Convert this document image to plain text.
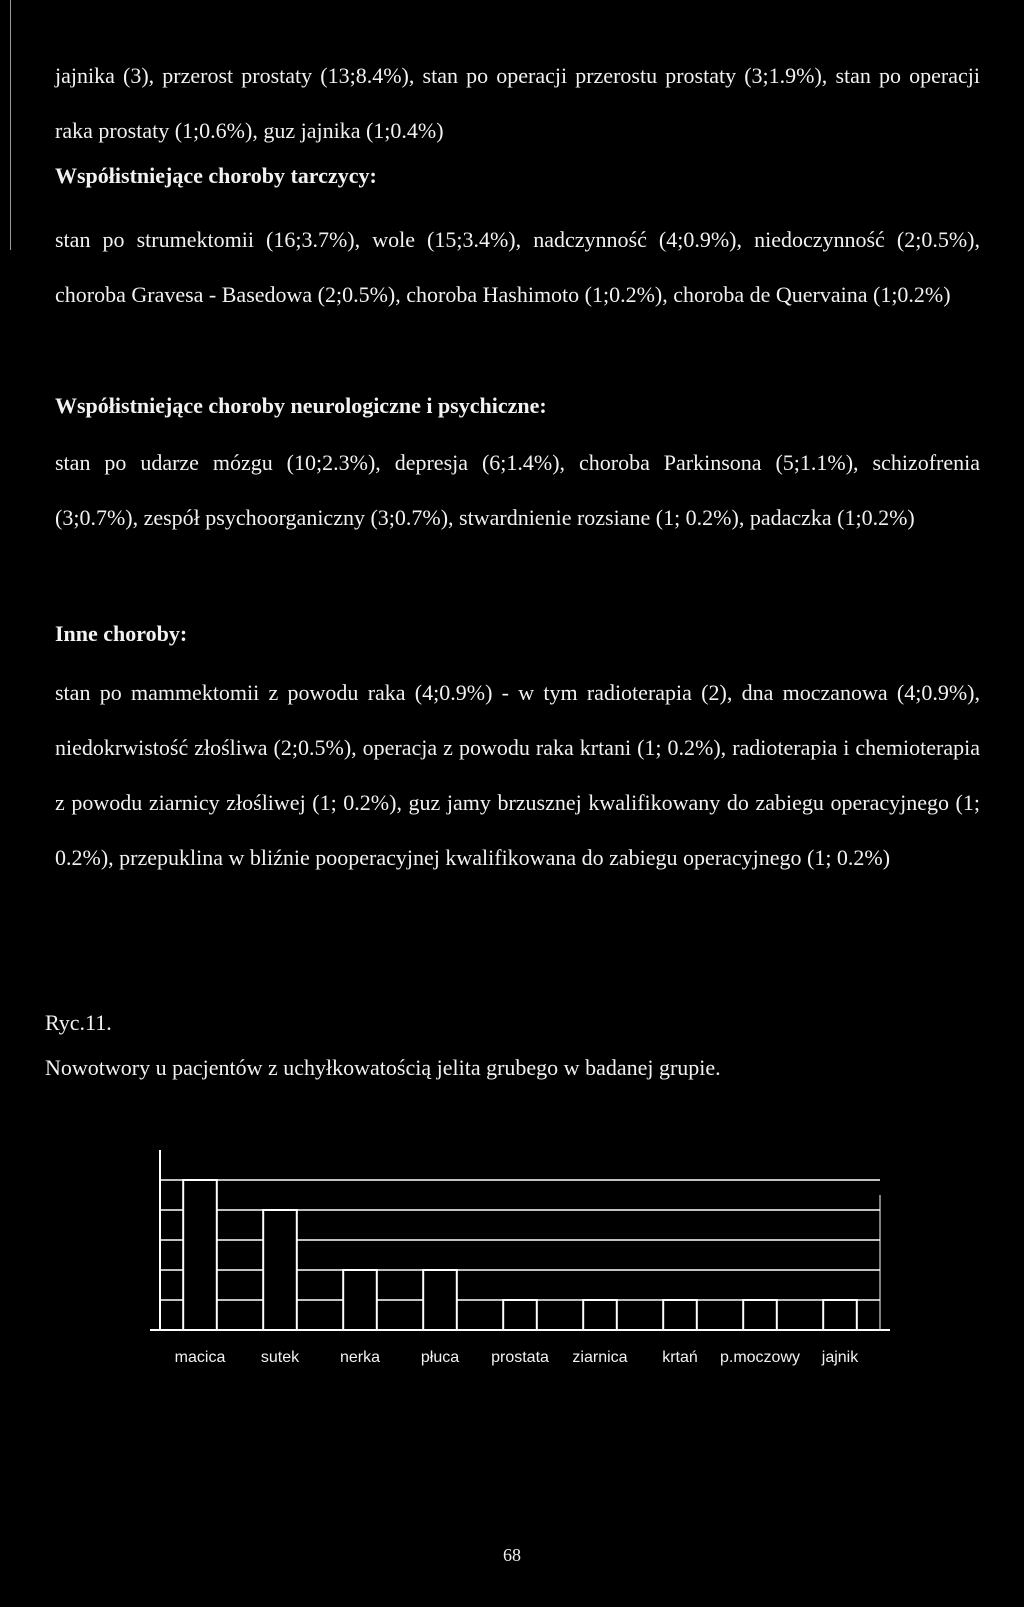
jajnika (3), przerost prostaty (13;8.4%), stan po operacji przerostu prostaty (3;1.9%), stan po operacji raka prostaty (1;0.6%), guz jajnika (1;0.4%)

Współistniejące choroby tarczycy:

stan po strumektomii (16;3.7%), wole (15;3.4%), nadczynność (4;0.9%), niedoczynność (2;0.5%), choroba Gravesa - Basedowa (2;0.5%), choroba Hashimoto (1;0.2%), choroba de Quervaina (1;0.2%)

Współistniejące choroby neurologiczne i psychiczne:

stan po udarze mózgu (10;2.3%), depresja (6;1.4%), choroba Parkinsona (5;1.1%), schizofrenia (3;0.7%), zespół psychoorganiczny (3;0.7%), stwardnienie rozsiane (1; 0.2%), padaczka (1;0.2%)

Inne choroby:

stan po mammektomii z powodu raka (4;0.9%) - w tym radioterapia (2), dna moczanowa (4;0.9%), niedokrwistość złośliwa (2;0.5%), operacja z powodu raka krtani (1; 0.2%), radioterapia i chemioterapia z powodu ziarnicy złośliwej (1; 0.2%), guz jamy brzusznej kwalifikowany do zabiegu operacyjnego (1; 0.2%), przepuklina w bliźnie pooperacyjnej kwalifikowana do zabiegu operacyjnego (1; 0.2%)

Ryc.11.

Nowotwory u pacjentów z uchyłkowatością jelita grubego w badanej grupie.

macica sutek	nerka	płuca prostata ziarnica krtań p.moczowy jajnik
68
